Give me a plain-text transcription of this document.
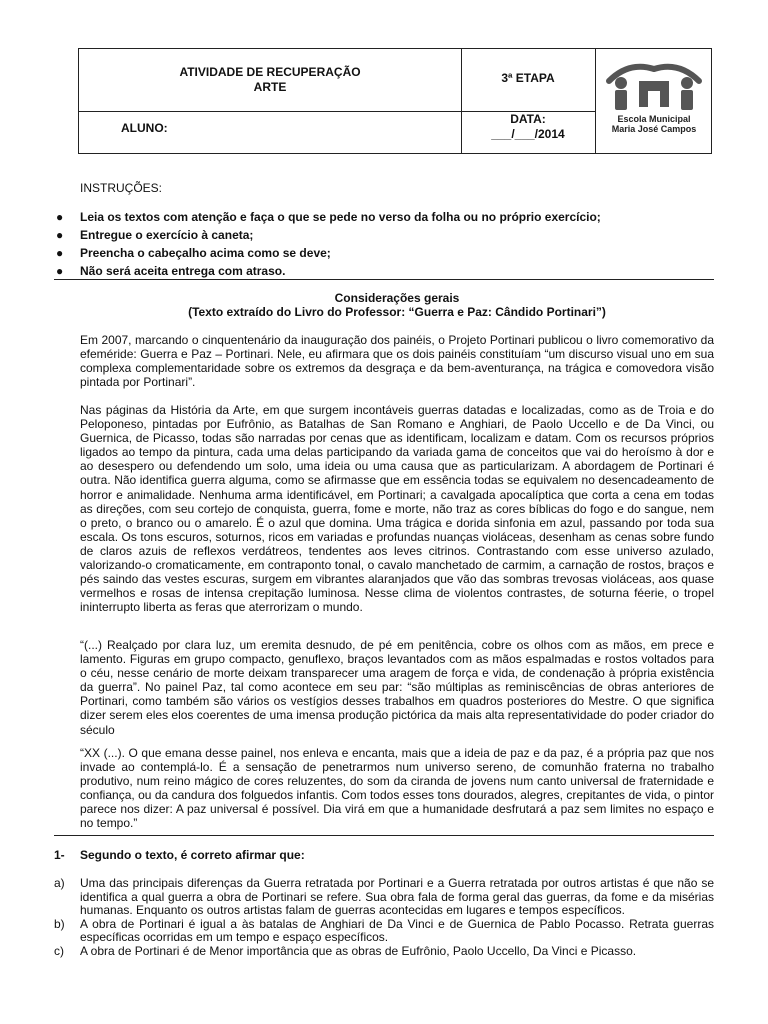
ATIVIDADE DE RECUPERAÇÃO
ARTE
3ª ETAPA
ALUNO:
DATA:
___/___/2014
Escola Municipal
Maria José Campos
INSTRUÇÕES:
● Leia os textos com atenção e faça o que se pede no verso da folha ou no próprio exercício;
● Entregue o exercício à caneta;
● Preencha o cabeçalho acima como se deve;
● Não será aceita entrega com atraso.
Considerações gerais
(Texto extraído do Livro do Professor: “Guerra e Paz: Cândido Portinari”)

Em 2007, marcando o cinquentenário da inauguração dos painéis, o Projeto Portinari publicou o livro comemorativo da efeméride: Guerra e Paz – Portinari. Nele, eu afirmara que os dois painéis constituíam “um discurso visual uno em sua complexa complementaridade sobre os extremos da desgraça e da bem-aventurança, na trágica e comovedora visão pintada por Portinari”.

Nas páginas da História da Arte, em que surgem incontáveis guerras datadas e localizadas, como as de Troia e do Peloponeso, pintadas por Eufrônio, as Batalhas de San Romano e Anghiari, de Paolo Uccello e de Da Vinci, ou Guernica, de Picasso, todas são narradas por cenas que as identificam, localizam e datam. Com os recursos próprios ligados ao tempo da pintura, cada uma delas participando da variada gama de conceitos que vai do heroísmo à dor e ao desespero ou defendendo um solo, uma ideia ou uma causa que as particularizam. A abordagem de Portinari é outra. Não identifica guerra alguma, como se afirmasse que em essência todas se equivalem no desencadeamento de horror e animalidade. Nenhuma arma identificável, em Portinari; a cavalgada apocalíptica que corta a cena em todas as direções, com seu cortejo de conquista, guerra, fome e morte, não traz as cores bíblicas do fogo e do sangue, nem o preto, o branco ou o amarelo. É o azul que domina. Uma trágica e dorida sinfonia em azul, passando por toda sua escala. Os tons escuros, soturnos, ricos em variadas e profundas nuanças violáceas, desenham as cenas sobre fundo de claros azuis de reflexos verdátreos, tendentes aos leves citrinos. Contrastando com esse universo azulado, valorizando-o cromaticamente, em contraponto tonal, o cavalo manchetado de carmim, a carnação de rostos, braços e pés saindo das vestes escuras, surgem em vibrantes alaranjados que vão das sombras trevosas violáceas, aos quase vermelhos e rosas de intensa crepitação luminosa. Nesse clima de violentos contrastes, de soturna féerie, o tropel ininterrupto liberta as feras que aterrorizam o mundo.

“(...) Realçado por clara luz, um eremita desnudo, de pé em penitência, cobre os olhos com as mãos, em prece e lamento. Figuras em grupo compacto, genuflexo, braços levantados com as mãos espalmadas e rostos voltados para o céu, nesse cenário de morte deixam transparecer uma aragem de força e vida, de condenação à própria existência da guerra”. No painel Paz, tal como acontece em seu par: “são múltiplas as reminiscências de obras anteriores de Portinari, como também são vários os vestígios desses trabalhos em quadros posteriores do Mestre. O que significa dizer serem eles elos coerentes de uma imensa produção pictórica da mais alta representatividade do poder criador do século

“XX (...). O que emana desse painel, nos enleva e encanta, mais que a ideia de paz e da paz, é a própria paz que nos invade ao contemplá-lo. É a sensação de penetrarmos num universo sereno, de comunhão fraterna no trabalho produtivo, num reino mágico de cores reluzentes, do som da ciranda de jovens num canto universal de fraternidade e confiança, ou da candura dos folguedos infantis. Com todos esses tons dourados, alegres, crepitantes de vida, o pintor parece nos dizer: A paz universal é possível. Dia virá em que a humanidade desfrutará a paz sem limites no espaço e no tempo.”

1- Segundo o texto, é correto afirmar que:
a) Uma das principais diferenças da Guerra retratada por Portinari e a Guerra retratada por outros artistas é que não se identifica a qual guerra a obra de Portinari se refere. Sua obra fala de forma geral das guerras, da fome e da misérias humanas. Enquanto os outros artistas falam de guerras acontecidas em lugares e tempos específicos.
b) A obra de Portinari é igual a às batalas de Anghiari de Da Vinci e de Guernica de Pablo Pocasso. Retrata guerras específicas ocorridas em um tempo e espaço específicos.
c) A obra de Portinari é de Menor importância que as obras de Eufrônio, Paolo Uccello, Da Vinci e Picasso.
